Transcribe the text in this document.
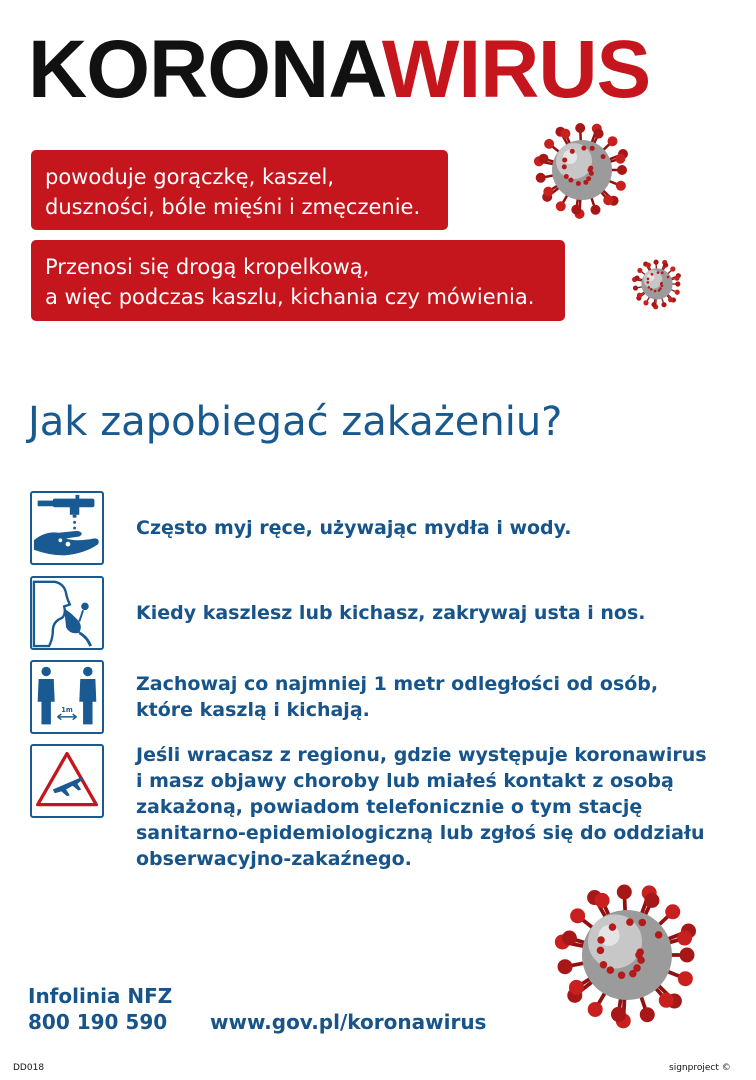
KORONAWIRUS
powoduje gorączkę, kaszel,
duszności, bóle mięśni i zmęczenie.
Przenosi się drogą kropelkową,
a więc podczas kaszlu, kichania czy mówienia.
Jak zapobiegać zakażeniu?
Często myj ręce, używając mydła i wody.
Kiedy kaszlesz lub kichasz, zakrywaj usta i nos.
1m
Zachowaj co najmniej 1 metr odległości od osób,
które kaszlą i kichają.
Jeśli wracasz z regionu, gdzie występuje koronawirus
i masz objawy choroby lub miałeś kontakt z osobą
zakażoną, powiadom telefonicznie o tym stację
sanitarno-epidemiologiczną lub zgłoś się do oddziału
obserwacyjno-zakaźnego.
Infolinia NFZ
800 190 590 www.gov.pl/koronawirus
DD018	signproject ©
